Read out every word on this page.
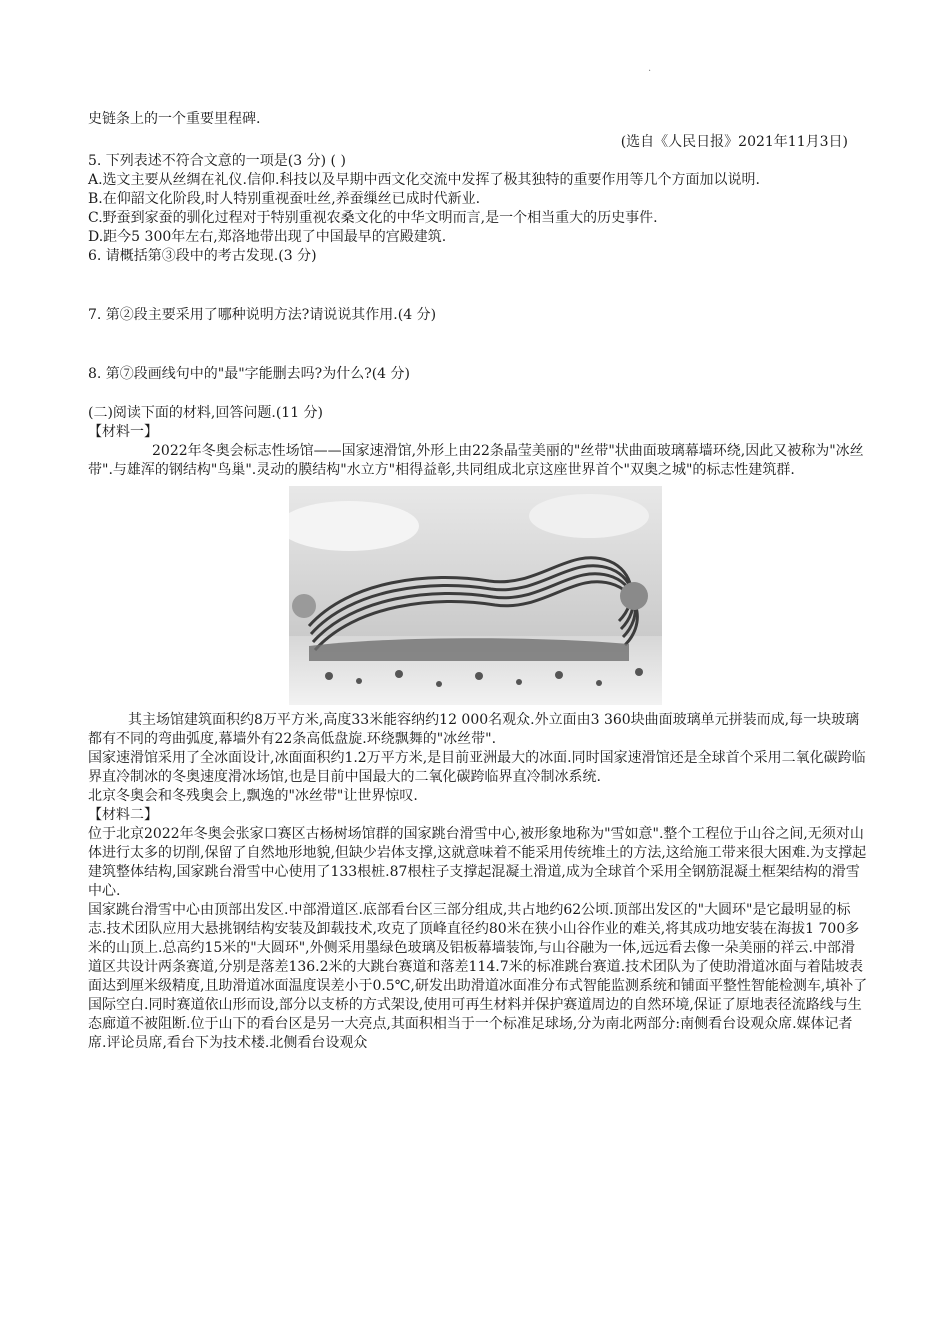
·

史链条上的一个重要里程碑.

(选自《人民日报》2021年11月3日)

5. 下列表述不符合文意的一项是(3 分) ( )

A.选文主要从丝绸在礼仪.信仰.科技以及早期中西文化交流中发挥了极其独特的重要作用等几个方面加以说明.

B.在仰韶文化阶段,时人特别重视蚕吐丝,养蚕缫丝已成时代新业.

C.野蚕到家蚕的驯化过程对于特别重视农桑文化的中华文明而言,是一个相当重大的历史事件.

D.距今5 300年左右,郑洛地带出现了中国最早的宫殿建筑.

6. 请概括第③段中的考古发现.(3 分)

7. 第②段主要采用了哪种说明方法?请说说其作用.(4 分)

8. 第⑦段画线句中的"最"字能删去吗?为什么?(4 分)

(二)阅读下面的材料,回答问题.(11 分)

【材料一】

2022年冬奥会标志性场馆——国家速滑馆,外形上由22条晶莹美丽的"丝带"状曲面玻璃幕墙环绕,因此又被称为"冰丝带".与雄浑的钢结构"鸟巢".灵动的膜结构"水立方"相得益彰,共同组成北京这座世界首个"双奥之城"的标志性建筑群.

其主场馆建筑面积约8万平方米,高度33米能容纳约12 000名观众.外立面由3 360块曲面玻璃单元拼装而成,每一块玻璃都有不同的弯曲弧度,幕墙外有22条高低盘旋.环绕飘舞的"冰丝带".

国家速滑馆采用了全冰面设计,冰面面积约1.2万平方米,是目前亚洲最大的冰面.同时国家速滑馆还是全球首个采用二氧化碳跨临界直冷制冰的冬奥速度滑冰场馆,也是目前中国最大的二氧化碳跨临界直冷制冰系统.

北京冬奥会和冬残奥会上,飘逸的"冰丝带"让世界惊叹.

【材料二】

位于北京2022年冬奥会张家口赛区古杨树场馆群的国家跳台滑雪中心,被形象地称为"雪如意".整个工程位于山谷之间,无须对山体进行太多的切削,保留了自然地形地貌,但缺少岩体支撑,这就意味着不能采用传统堆土的方法,这给施工带来很大困难.为支撑起建筑整体结构,国家跳台滑雪中心使用了133根桩.87根柱子支撑起混凝土滑道,成为全球首个采用全钢筋混凝土框架结构的滑雪中心.

国家跳台滑雪中心由顶部出发区.中部滑道区.底部看台区三部分组成,共占地约62公顷.顶部出发区的"大圆环"是它最明显的标志.技术团队应用大悬挑钢结构安装及卸载技术,攻克了顶峰直径约80米在狭小山谷作业的难关,将其成功地安装在海拔1 700多米的山顶上.总高约15米的"大圆环",外侧采用墨绿色玻璃及铝板幕墙装饰,与山谷融为一体,远远看去像一朵美丽的祥云.中部滑道区共设计两条赛道,分别是落差136.2米的大跳台赛道和落差114.7米的标准跳台赛道.技术团队为了使助滑道冰面与着陆坡表面达到厘米级精度,且助滑道冰面温度误差小于0.5℃,研发出助滑道冰面准分布式智能监测系统和铺面平整性智能检测车,填补了国际空白.同时赛道依山形而设,部分以支桥的方式架设,使用可再生材料并保护赛道周边的自然环境,保证了原地表径流路线与生态廊道不被阻断.位于山下的看台区是另一大亮点,其面积相当于一个标准足球场,分为南北两部分:南侧看台设观众席.媒体记者席.评论员席,看台下为技术楼.北侧看台设观众
